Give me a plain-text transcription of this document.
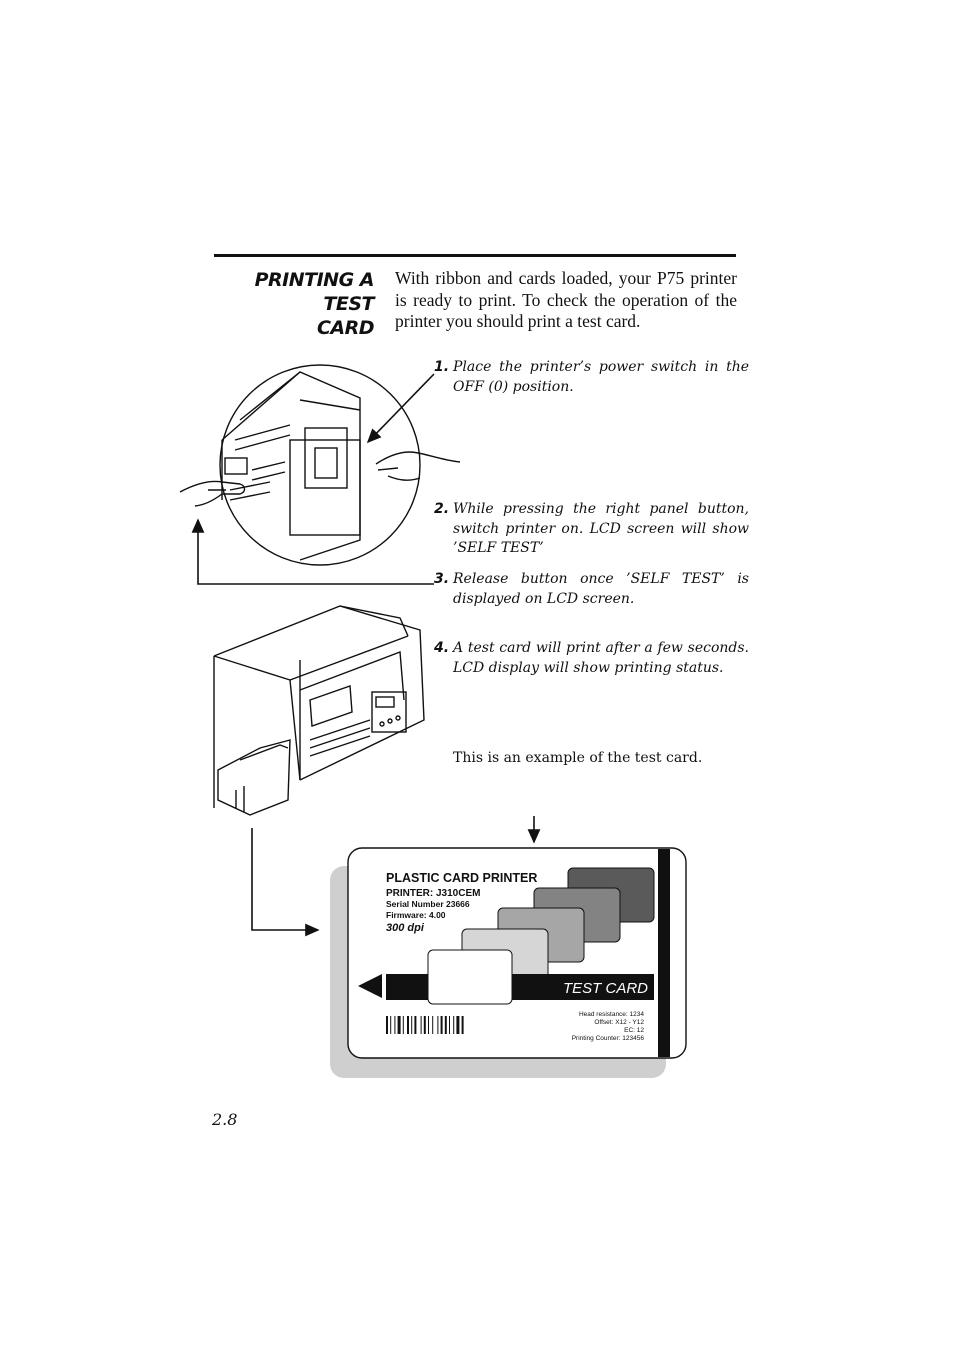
PRINTING A TEST
CARD
With ribbon and cards loaded, your P75 printer is ready to print. To check the operation of the printer you should print a test card.
1. Place the printer’s power switch in the OFF (0) position.
2. While pressing the right panel button, switch printer on. LCD screen will show ’SELF TEST’
3. Release button once ’SELF TEST’ is displayed on LCD screen.
4. A test card will print after a few seconds. LCD display will show printing status.
This is an example of the test card.
PLASTIC CARD PRINTER
PRINTER: J310CEM
Serial Number 23666
Firmware: 4.00
300 dpi
TEST CARD
Head resistance: 1234
Offset: X12 - Y12
EC: 12
Printing Counter: 123456
2.8
